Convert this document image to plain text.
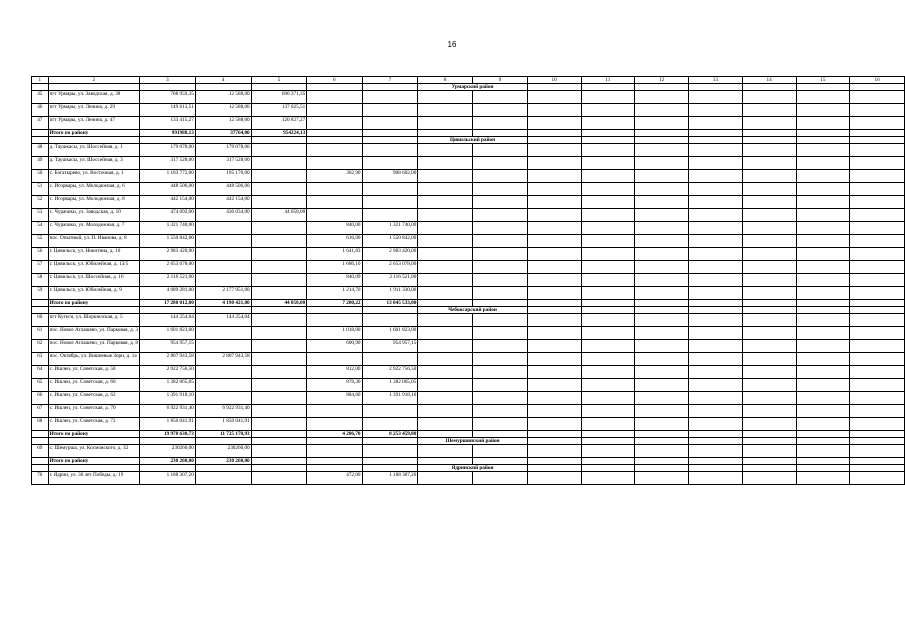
16
1	2	3	4	5	6	7	8	9	10	11	12	13	14	15	16
							Урмарский район								
45	пгт Урмары, ул. Заводская, д. 38	708 959,35	12 588,00	696 371,35											
46	пгт Урмары, ул. Ленина, д. 29	149 613,51	12 588,00	137 025,51											
47	пгт Урмары, ул. Ленина, д. 47	133 415,27	12 588,00	120 827,27											
	Итого по району	991988,13	37764,00	954224,13											
							Цивильский район								
48	д. Таушкасы, ул. Шоссейная, д. 1	179 078,00	179 078,00												
49	д. Таушкасы, ул. Шоссейная, д. 3	317 528,00	317 528,00												
50	с. Богатырево, ул. Восточная, д. 1	1 103 772,00	195 170,00		362,90	908 602,00									
51	с. Игорвары, ул. Молодежная, д. 6	448 506,00	448 506,00												
52	с. Игорвары, ул. Молодежная, д. 8	442 154,00	442 154,00												
53	с. Чурачики, ул. Заводская, д. 10	474 092,00	430 034,00	44 058,00											
54	с. Чурачики, ул. Молодежная, д. 7	1 321 740,00			840,00	1 321 740,00									
55	пос. Опытный, ул. П. Иванова, д. 8	1 550 842,00			616,00	1 550 842,00									
56	г. Цивильск, ул. Никитина, д. 10	2 983 420,00			1 641,83	2 983 420,00									
57	г. Цивильск, ул. Юбилейная, д. 13/5	2 653 078,00			1 686,10	2 653 078,00									
58	г. Цивильск, ул. Шоссейная, д. 16	2 116 521,00			840,09	2 116 521,00									
59	г. Цивильск, ул. Юбилейная, д. 9	4 089 281,00	2 177 951,00		1 214,70	1 911 330,00									
	Итого по району	17 280 012,00	4 190 421,00	44 058,00	7 200,22	13 045 533,00									
							Чебоксарский район								
60	пгт Кугеси, ул. Шоршелская, д. 5	144 254,04	144 254,04												
61	пос. Новое Атлашево, ул. Парковая, д. 3	1 601 823,00			1 018,00	1 601 823,00									
62	пос. Новое Атлашево, ул. Парковая, д. 8	954 957,15			600,90	954 957,15									
63	пос. Октябрь, ул. Вишневые Зори, д. 1а	2 807 943,58	2 807 943,58												
64	с. Ишлеи, ул. Советская, д. 58	2 922 756,50			812,00	2 922 756,50									
65	с. Ишлеи, ул. Советская, д. 60	1 382 065,05			878,30	1 382 065,05									
66	с. Ишлеи, ул. Советская, д. 62	1 391 918,10			884,60	1 391 918,10									
67	с. Ишлеи, ул. Советская, д. 70	6 922 931,40	6 922 931,40												
68	с. Ишлеи, ул. Советская, д. 72	1 850 041,91	1 850 041,91												
	Итого по району	19 978 630,73	11 725 170,93		4 206,70	8 253 459,80									
							Шемуршинский район								
69	с. Шемурша, ул. Космовского, д. 32	230260,00	230260,00												
	Итого по району	230 260,00	230 260,00												
							Ядринский район								
70	г. Ядрин, ул. 30 лет Победы, д. 19	1 188 307,20			472,00	1 188 307,20									
